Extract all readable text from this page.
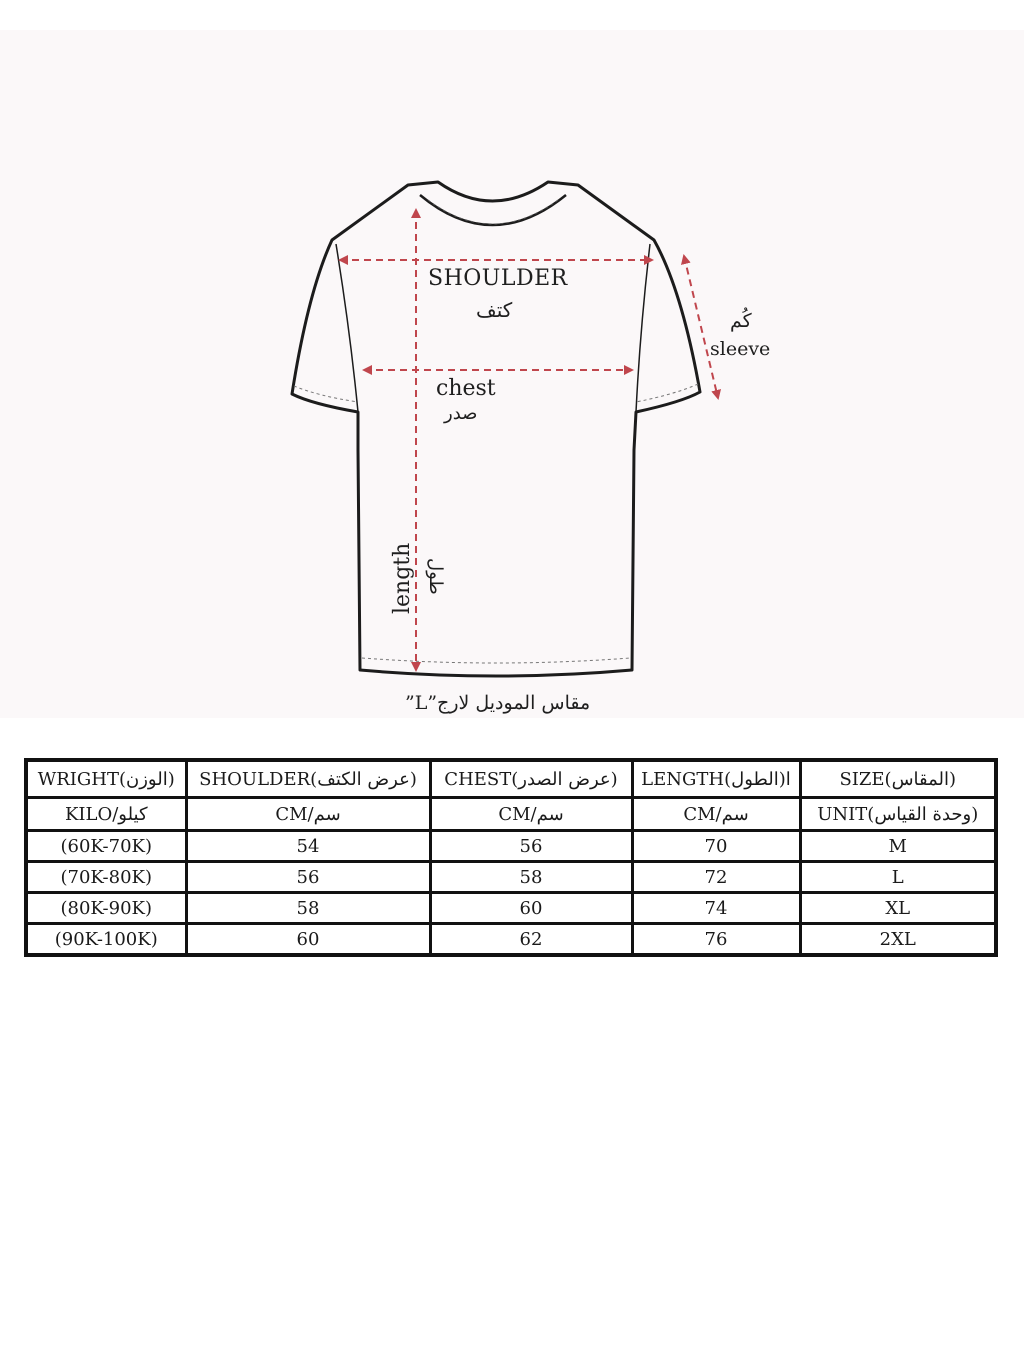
SHOULDER
كتف
chest
صدر
كُم
sleeve
length طول
مقاس الموديل لارج”L”
WRIGHT(الوزن)	SHOULDER(عرض الكتف)	CHEST(عرض الصدر)	LENGTH(الطول)ا	SIZE(المقاس)
KILO/كيلو	CM/سم	CM/سم	CM/سم	UNIT(وحدة القياس)
(60K-70K)	54	56	70	M
(70K-80K)	56	58	72	L
(80K-90K)	58	60	74	XL
(90K-100K)	60	62	76	2XL
